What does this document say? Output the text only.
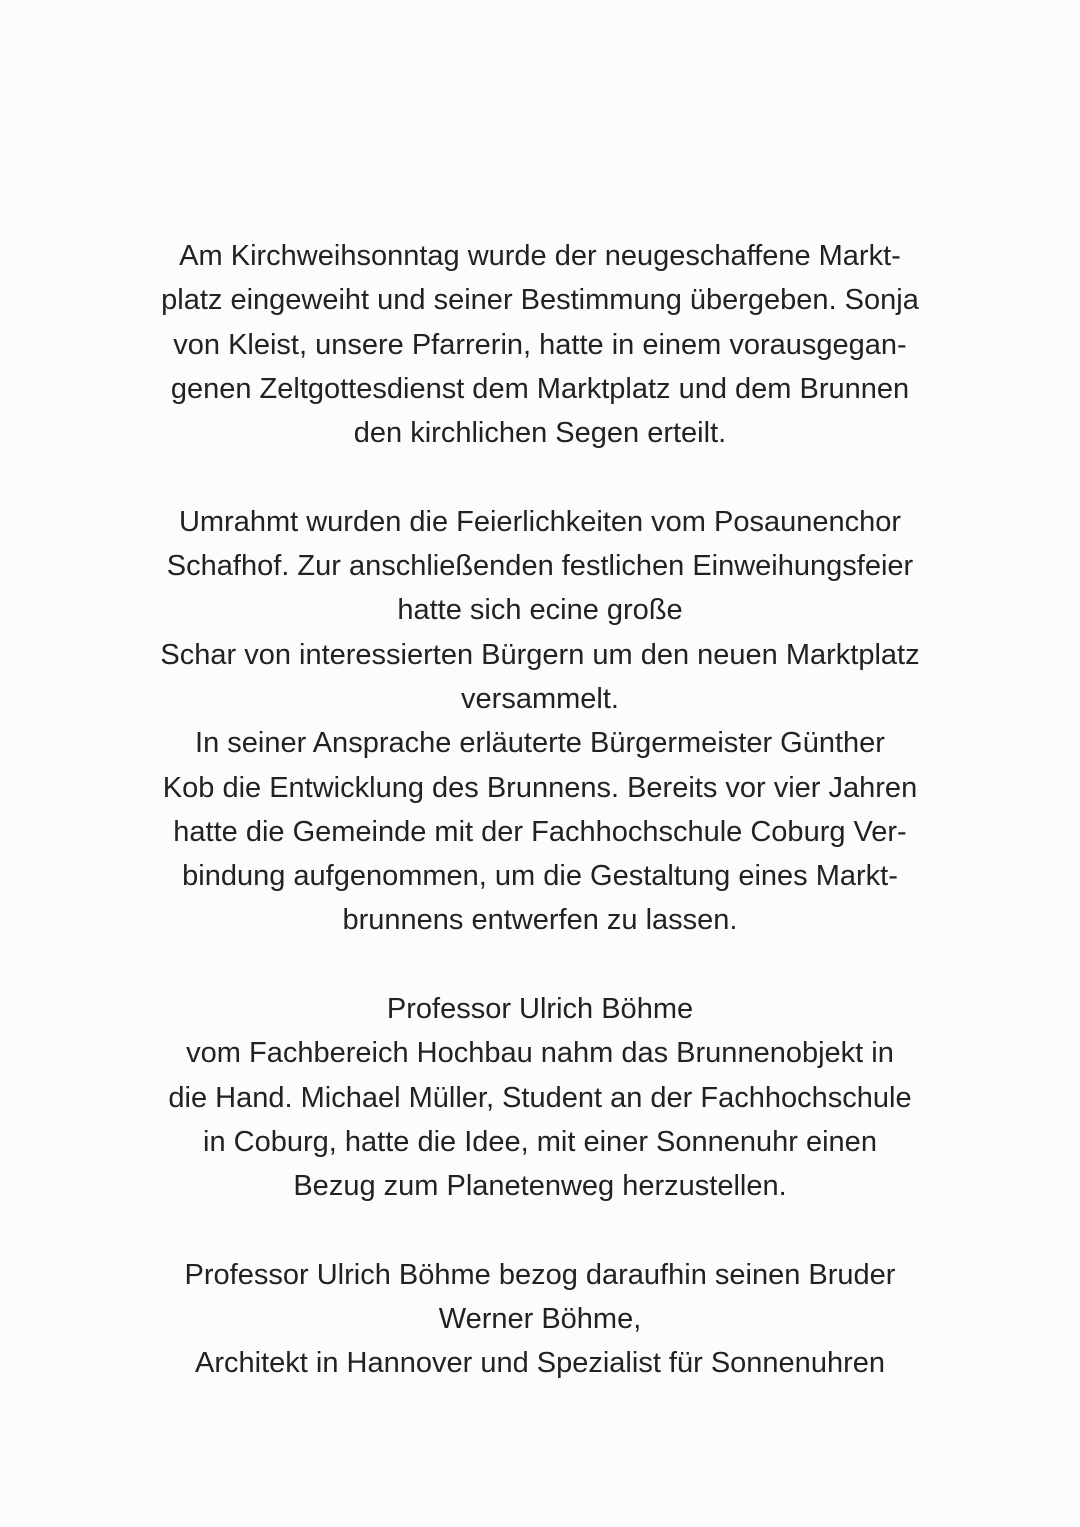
Am Kirchweihsonntag wurde der neugeschaffene Markt-
platz eingeweiht und seiner Bestimmung übergeben. Sonja
von Kleist, unsere Pfarrerin, hatte in einem vorausgegan-
genen Zeltgottesdienst dem Marktplatz und dem Brunnen
den kirchlichen Segen erteilt.
Umrahmt wurden die Feierlichkeiten vom Posaunenchor
Schafhof. Zur anschließenden festlichen Einweihungsfeier
hatte sich ecine große
Schar von interessierten Bürgern um den neuen Marktplatz
versammelt.
In seiner Ansprache erläuterte Bürgermeister Günther
Kob die Entwicklung des Brunnens. Bereits vor vier Jahren
hatte die Gemeinde mit der Fachhochschule Coburg Ver-
bindung aufgenommen, um die Gestaltung eines Markt-
brunnens entwerfen zu lassen.
Professor Ulrich Böhme
vom Fachbereich Hochbau nahm das Brunnenobjekt in
die Hand. Michael Müller, Student an der Fachhochschule
in Coburg, hatte die Idee, mit einer Sonnenuhr einen
Bezug zum Planetenweg herzustellen.
Professor Ulrich Böhme bezog daraufhin seinen Bruder
Werner Böhme,
Architekt in Hannover und Spezialist für Sonnenuhren
